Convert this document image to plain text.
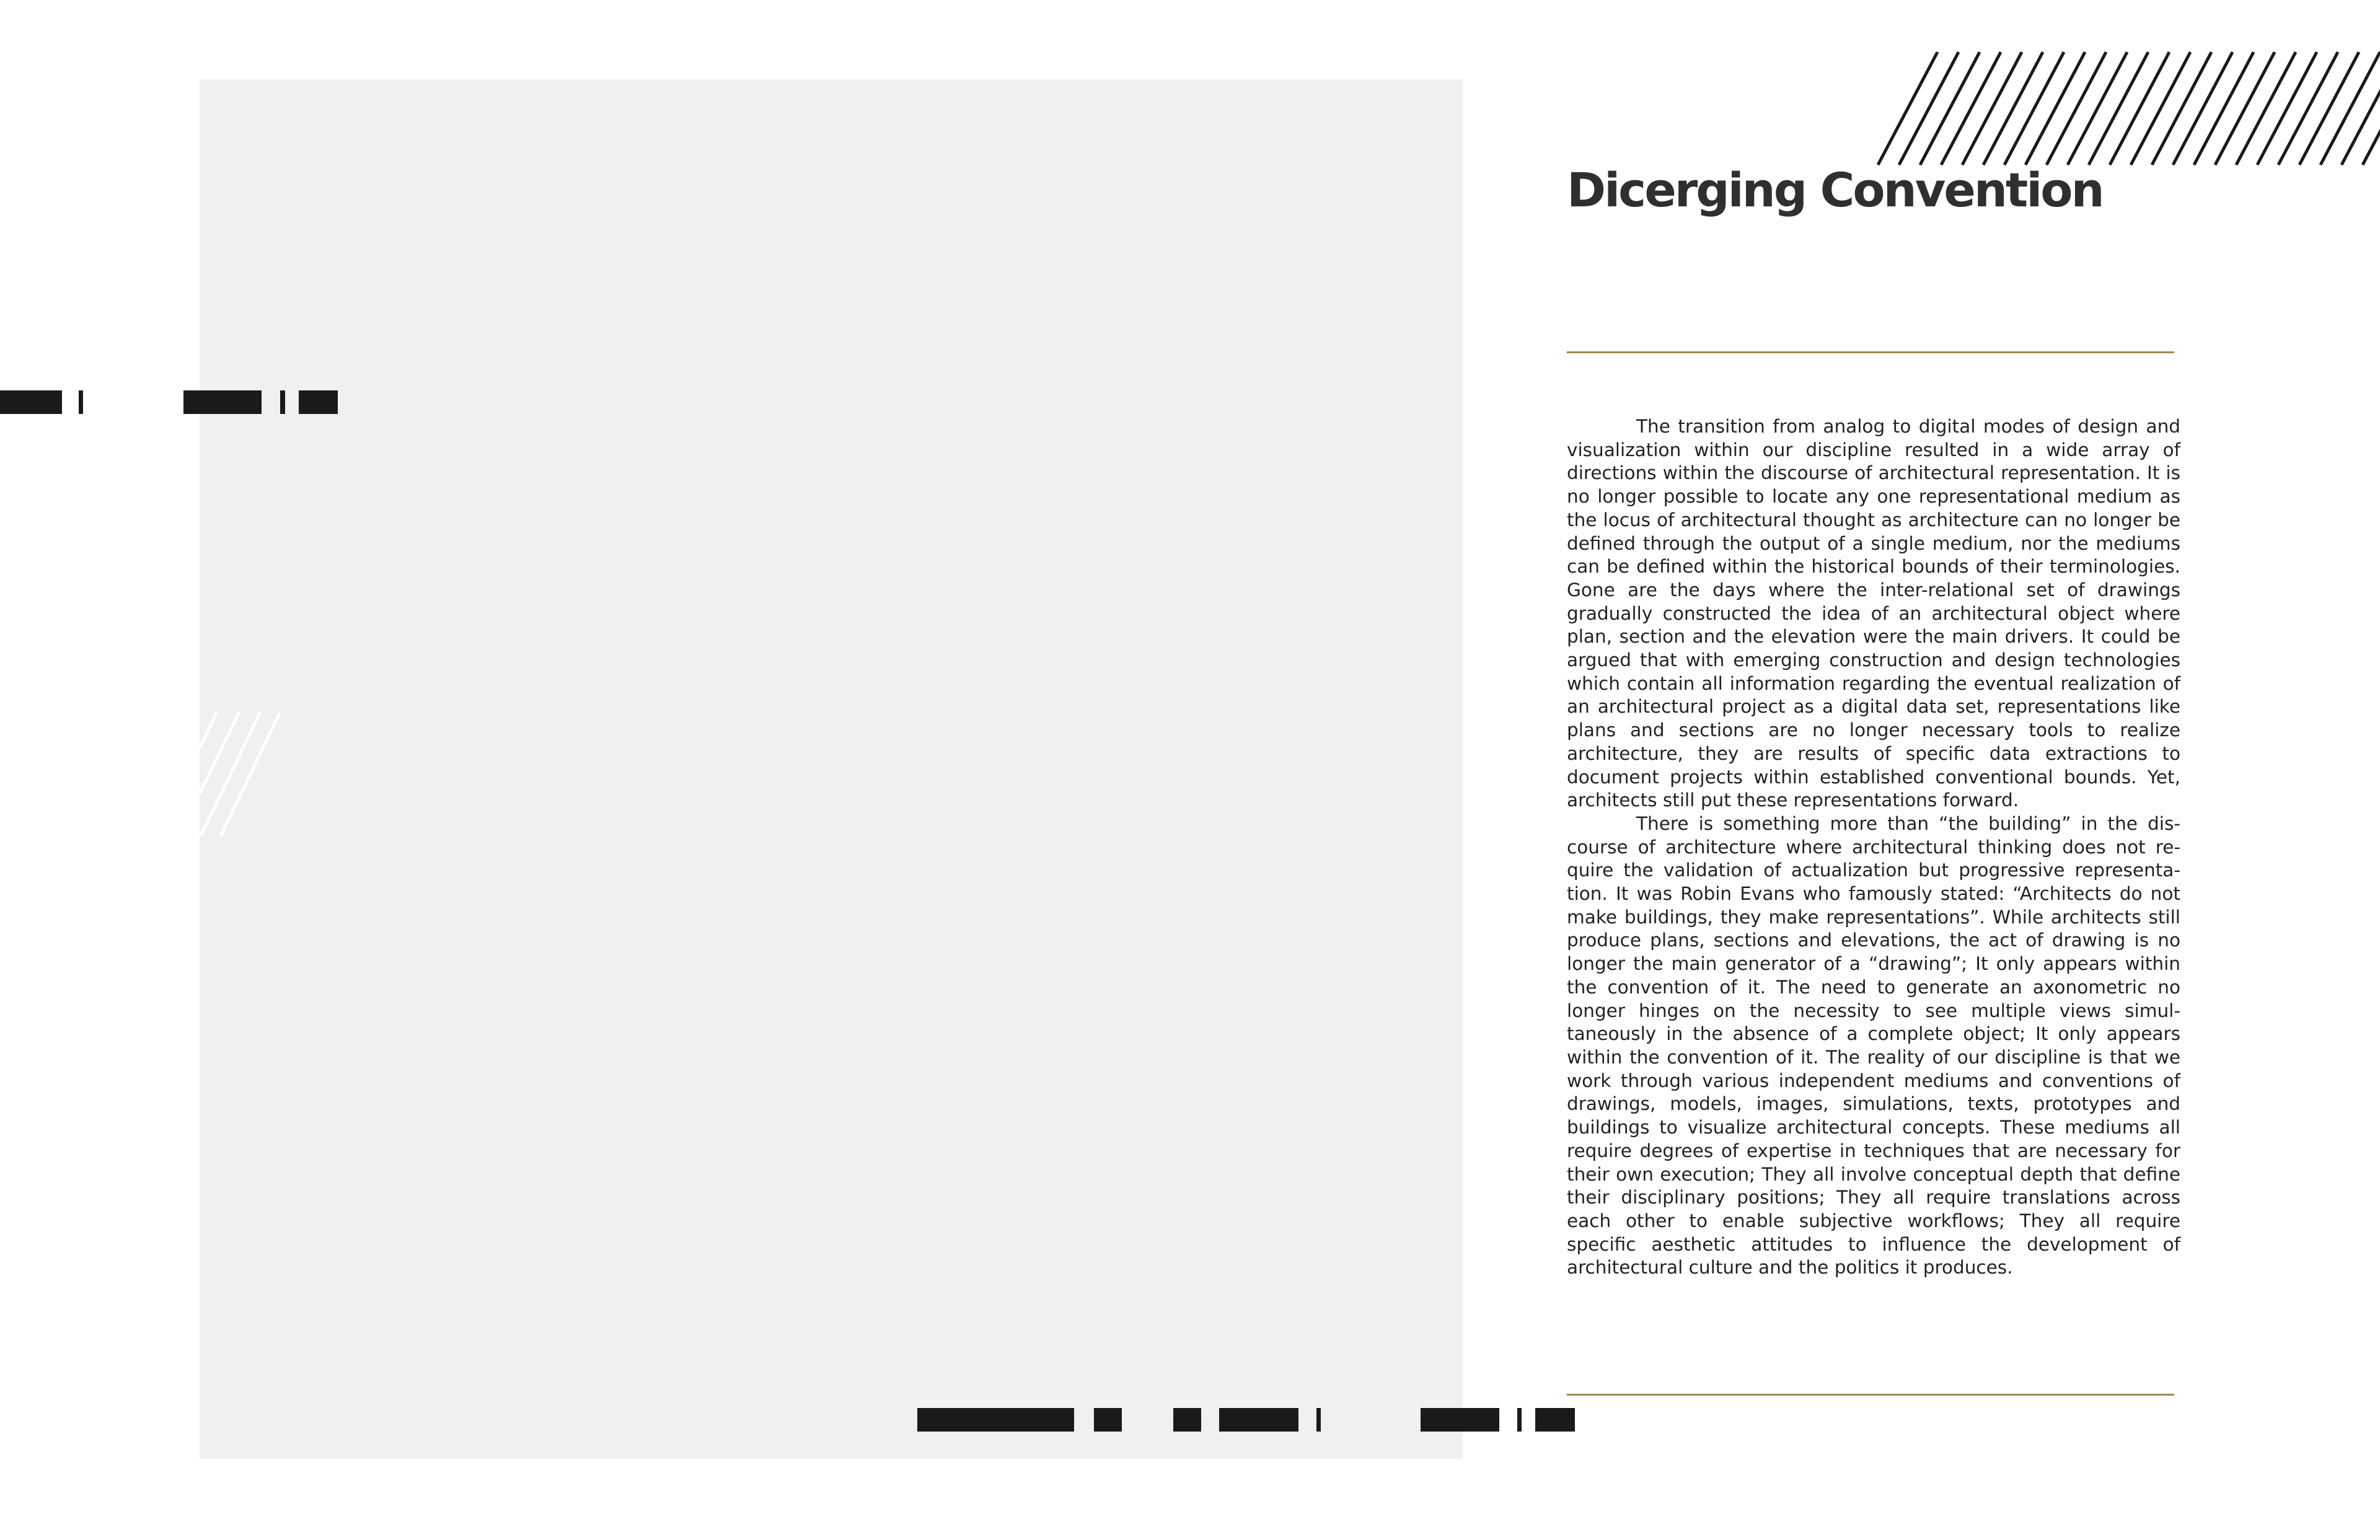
Dicerging Convention

The transition from analog to digital modes of design and visualization within our discipline resulted in a wide array of directions within the discourse of architectural representation. It is no longer possible to locate any one representational medium as the locus of architectural thought as architecture can no longer be defined through the output of a single medium, nor the mediums can be defined within the historical bounds of their terminologies. Gone are the days where the inter-relational set of drawings gradually constructed the idea of an architectural object where plan, section and the elevation were the main drivers. It could be argued that with emerging construction and design technologies which contain all information regarding the eventual realization of an architectural project as a digital data set, representations like plans and sections are no longer necessary tools to realize architecture, they are results of specific data extractions to document projects within established conventional bounds. Yet, architects still put these representations forward.

There is something more than “the building” in the discourse of architecture where architectural thinking does not require the validation of actualization but progressive representation. It was Robin Evans who famously stated: “Architects do not make buildings, they make representations”. While architects still produce plans, sections and elevations, the act of drawing is no longer the main generator of a “drawing”; It only appears within the convention of it. The need to generate an axonometric no longer hinges on the necessity to see multiple views simultaneously in the absence of a complete object; It only appears within the convention of it. The reality of our discipline is that we work through various independent mediums and conventions of drawings, models, images, simulations, texts, prototypes and buildings to visualize architectural concepts. These mediums all require degrees of expertise in techniques that are necessary for their own execution; They all involve conceptual depth that define their disciplinary positions; They all require translations across each other to enable subjective workflows; They all require specific aesthetic attitudes to influence the development of architectural culture and the politics it produces.
